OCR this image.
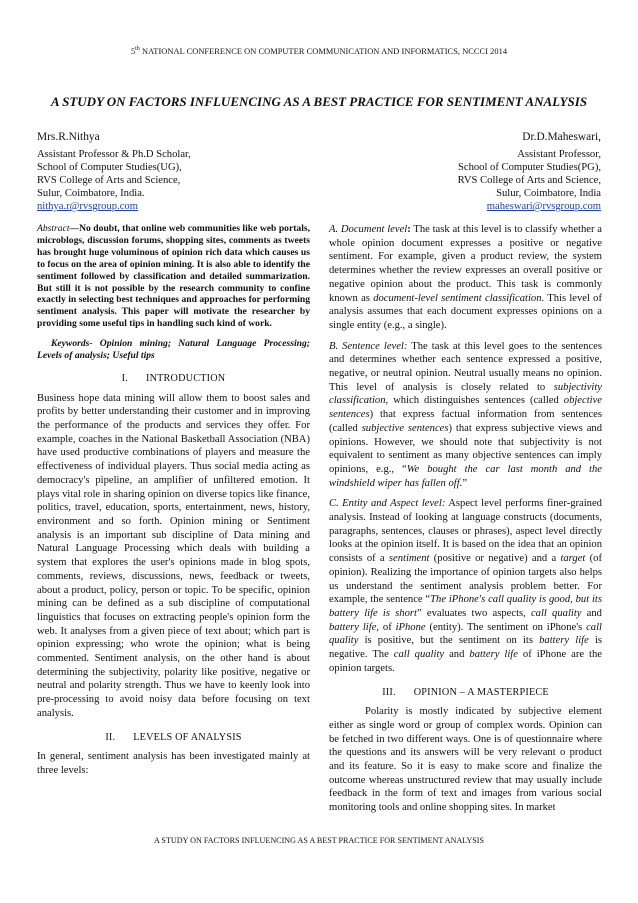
5th NATIONAL CONFERENCE ON COMPUTER COMMUNICATION AND INFORMATICS, NCCCI 2014
A STUDY ON FACTORS INFLUENCING AS A BEST PRACTICE FOR SENTIMENT ANALYSIS
Mrs.R.Nithya
Assistant Professor & Ph.D Scholar,
School of Computer Studies(UG),
RVS College of Arts and Science,
Sulur, Coimbatore, India.
nithya.r@rvsgroup.com
Dr.D.Maheswari,
Assistant Professor,
School of Computer Studies(PG),
RVS College of Arts and Science,
Sulur, Coimbatore, India
maheswari@rvsgroup.com

Abstract—No doubt, that online web communities like web portals, microblogs, discussion forums, shopping sites, comments as tweets has brought huge voluminous of opinion rich data which causes us to focus on the area of opinion mining. It is also able to identify the sentiment followed by classification and detailed summarization. But still it is not possible by the research community to confine exactly in selecting best techniques and approaches for performing sentiment analysis. This paper will motivate the researcher by providing some useful tips in handling such kind of work.

Keywords- Opinion mining; Natural Language Processing; Levels of analysis; Useful tips

I. INTRODUCTION

Business hope data mining will allow them to boost sales and profits by better understanding their customer and in improving the performance of the products and services they offer. For example, coaches in the National Basketball Association (NBA) have used productive combinations of players and measure the effectiveness of individual players. Thus social media acting as democracy's pipeline, an amplifier of unfiltered emotion. It plays vital role in sharing opinion on diverse topics like finance, politics, travel, education, sports, entertainment, news, history, environment and so forth. Opinion mining or Sentiment analysis is an important sub discipline of Data mining and Natural Language Processing which deals with building a system that explores the user's opinions made in blog spots, comments, reviews, discussions, news, feedback or tweets, about a product, policy, person or topic. To be specific, opinion mining can be defined as a sub discipline of computational linguistics that focuses on extracting people's opinion form the web. It analyses from a given piece of text about; which part is opinion expressing; who wrote the opinion; what is being commented. Sentiment analysis, on the other hand is about determining the subjectivity, polarity like positive, negative or neutral and polarity strength. Thus we have to keenly look into pre-processing to avoid noisy data before focusing on text analysis.

II. LEVELS OF ANALYSIS

In general, sentiment analysis has been investigated mainly at three levels:

A. Document level: The task at this level is to classify whether a whole opinion document expresses a positive or negative sentiment. For example, given a product review, the system determines whether the review expresses an overall positive or negative opinion about the product. This task is commonly known as document-level sentiment classification. This level of analysis assumes that each document expresses opinions on a single entity (e.g., a single).

B. Sentence level: The task at this level goes to the sentences and determines whether each sentence expressed a positive, negative, or neutral opinion. Neutral usually means no opinion. This level of analysis is closely related to subjectivity classification, which distinguishes sentences (called objective sentences) that express factual information from sentences (called subjective sentences) that express subjective views and opinions. However, we should note that subjectivity is not equivalent to sentiment as many objective sentences can imply opinions, e.g., “We bought the car last month and the windshield wiper has fallen off.”

C. Entity and Aspect level: Aspect level performs finer-grained analysis. Instead of looking at language constructs (documents, paragraphs, sentences, clauses or phrases), aspect level directly looks at the opinion itself. It is based on the idea that an opinion consists of a sentiment (positive or negative) and a target (of opinion). Realizing the importance of opinion targets also helps us understand the sentiment analysis problem better. For example, the sentence “The iPhone's call quality is good, but its battery life is short” evaluates two aspects, call quality and battery life, of iPhone (entity). The sentiment on iPhone's call quality is positive, but the sentiment on its battery life is negative. The call quality and battery life of iPhone are the opinion targets.

III. OPINION – A MASTERPIECE

Polarity is mostly indicated by subjective element either as single word or group of complex words. Opinion can be fetched in two different ways. One is of questionnaire where the questions and its answers will be very relevant o product and its feature. So it is easy to make score and finalize the outcome whereas unstructured review that may usually include feedback in the form of text and images from various social monitoring tools and online shopping sites. In market

A STUDY ON FACTORS INFLUENCING AS A BEST PRACTICE FOR SENTIMENT ANALYSIS
